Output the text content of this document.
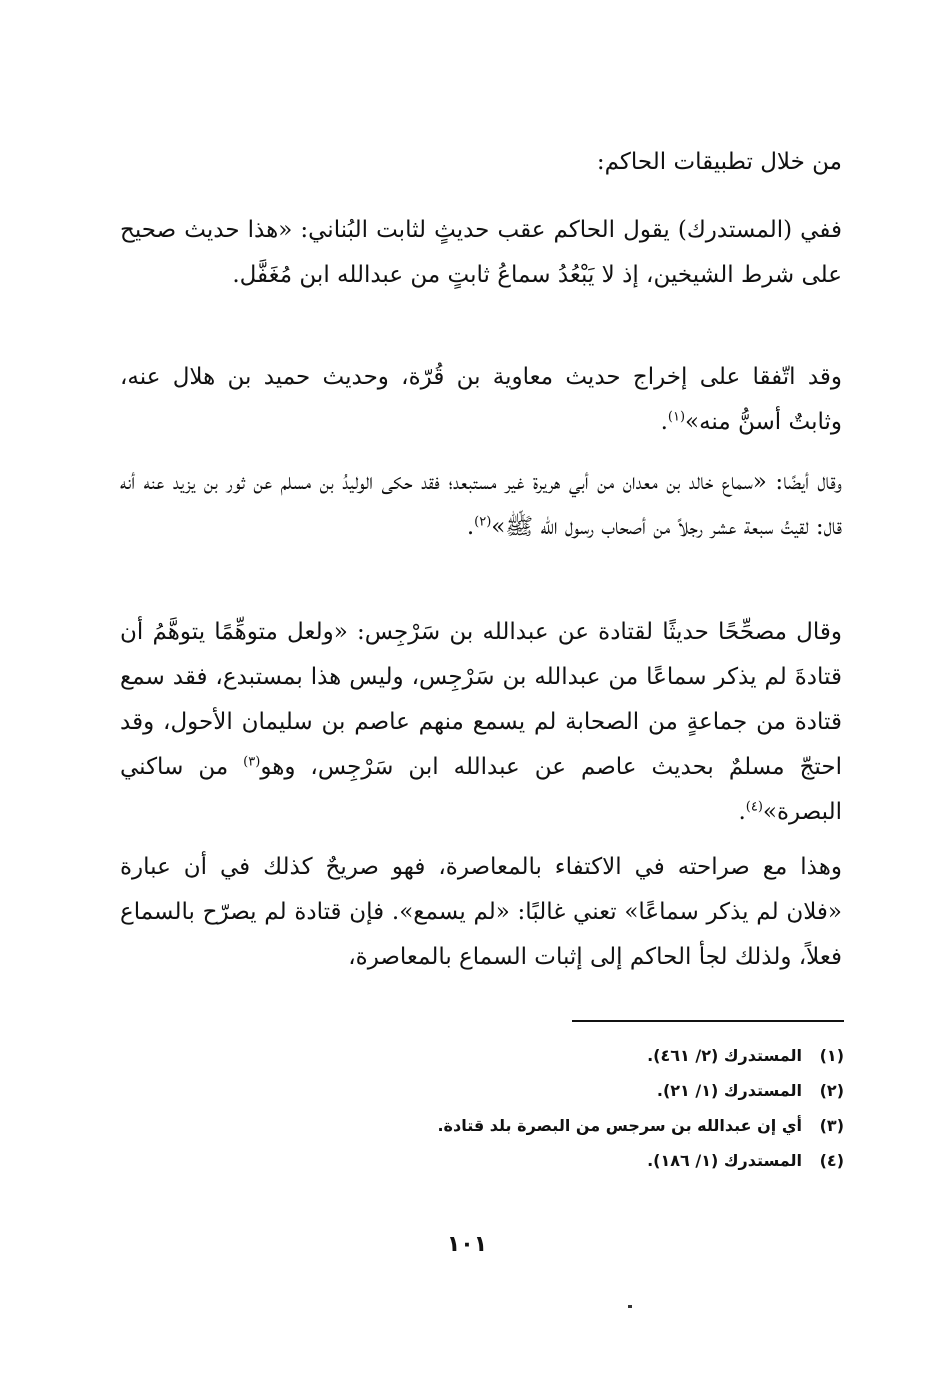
من خلال تطبيقات الحاكم:

ففي (المستدرك) يقول الحاكم عقب حديثٍ لثابت البُناني: «هذا حديث صحيح على شرط الشيخين، إذ لا يَبْعُدُ سماعُ ثابتٍ من عبدالله ابن مُغَفَّل.

وقد اتّفقا على إخراج حديث معاوية بن قُرّة، وحديث حميد بن هلال عنه، وثابتٌ أسنُّ منه»$^{(١)}$.

وقال أيضًا: «سماع خالد بن معدان من أبي هريرة غير مستبعد؛ فقد حكى الوليدُ بن مسلم عن ثور بن يزيد عنه أنه قال: لقيتُ سبعة عشر رجلاً من أصحاب رسول الله ﷺ»$^{(٢)}$.

وقال مصحِّحًا حديثًا لقتادة عن عبدالله بن سَرْجِس: «ولعل متوهِّمًا يتوهَّمُ أن قتادةَ لم يذكر سماعًا من عبدالله بن سَرْجِس، وليس هذا بمستبدع، فقد سمع قتادة من جماعةٍ من الصحابة لم يسمع منهم عاصم بن سليمان الأحول، وقد احتجّ مسلمٌ بحديث عاصم عن عبدالله ابن سَرْجِس، وهو$^{(٣)}$ من ساكني البصرة»$^{(٤)}$.

وهذا مع صراحته في الاكتفاء بالمعاصرة، فهو صريحٌ كذلك في أن عبارة «فلان لم يذكر سماعًا» تعني غالبًا: «لم يسمع». فإن قتادة لم يصرّح بالسماع فعلاً، ولذلك لجأ الحاكم إلى إثبات السماع بالمعاصرة،

(١)المستدرك (٢/ ٤٦١).
(٢)المستدرك (١/ ٢١).
(٣)أي إن عبدالله بن سرجس من البصرة بلد قتادة.
(٤)المستدرك (١/ ١٨٦).
١٠١
